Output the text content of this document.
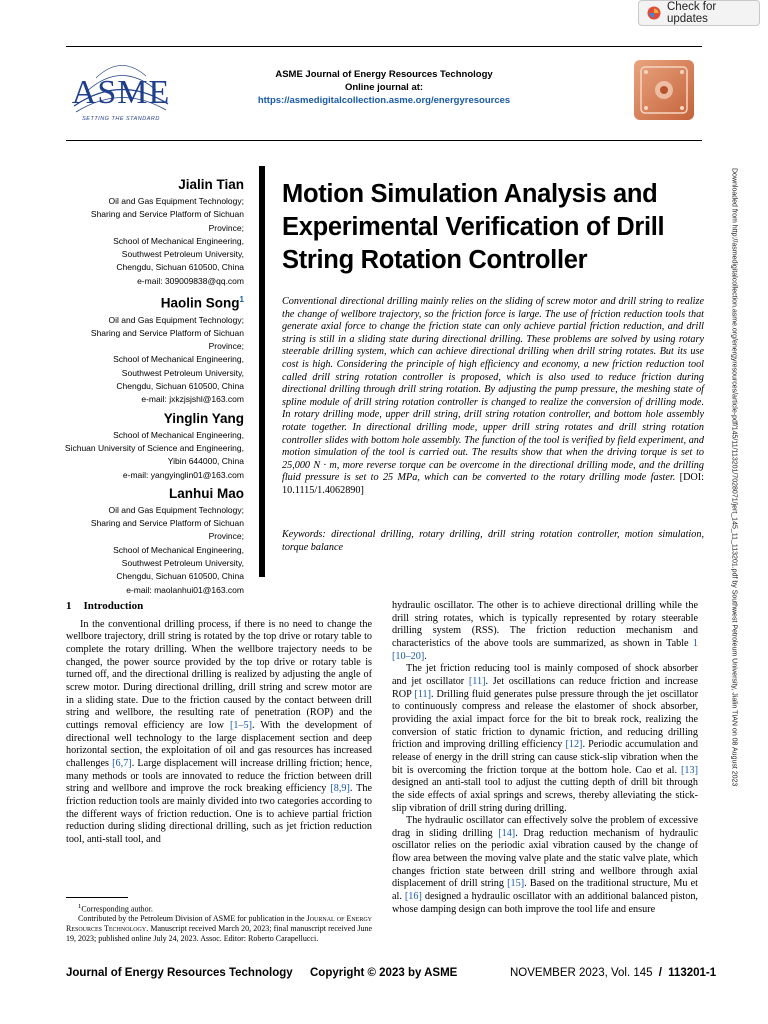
Check for updates
ASME
SETTING THE STANDARD
ASME Journal of Energy Resources Technology
Online journal at:
https://asmedigitalcollection.asme.org/energyresources
Jialin Tian
Oil and Gas Equipment Technology;
Sharing and Service Platform of Sichuan Province;
School of Mechanical Engineering,
Southwest Petroleum University,
Chengdu, Sichuan 610500, China
e-mail: 309009838@qq.com
Haolin Song$^1$
Oil and Gas Equipment Technology;
Sharing and Service Platform of Sichuan Province;
School of Mechanical Engineering,
Southwest Petroleum University,
Chengdu, Sichuan 610500, China
e-mail: jxkzjsjshl@163.com
Yinglin Yang
School of Mechanical Engineering,
Sichuan University of Science and Engineering,
Yibin 644000, China
e-mail: yangyinglin01@163.com
Lanhui Mao
Oil and Gas Equipment Technology;
Sharing and Service Platform of Sichuan Province;
School of Mechanical Engineering,
Southwest Petroleum University,
Chengdu, Sichuan 610500, China
e-mail: maolanhui01@163.com
Motion Simulation Analysis and Experimental Verification of Drill String Rotation Controller
Conventional directional drilling mainly relies on the sliding of screw motor and drill string to realize the change of wellbore trajectory, so the friction force is large. The use of friction reduction tools that generate axial force to change the friction state can only achieve partial friction reduction, and drill string is still in a sliding state during directional drilling. These problems are solved by using rotary steerable drilling system, which can achieve directional drilling when drill string rotates. But its use cost is high. Considering the principle of high efficiency and economy, a new friction reduction tool called drill string rotation controller is proposed, which is also used to reduce friction during directional drilling through drill string rotation. By adjusting the pump pressure, the meshing state of spline module of drill string rotation controller is changed to realize the conversion of drilling mode. In rotary drilling mode, upper drill string, drill string rotation controller, and bottom hole assembly rotate together. In directional drilling mode, upper drill string rotates and drill string rotation controller slides with bottom hole assembly. The function of the tool is verified by field experiment, and motion simulation of the tool is carried out. The results show that when the driving torque is set to 25,000 N · m, more reverse torque can be overcome in the directional drilling mode, and the drilling fluid pressure is set to 25 MPa, which can be converted to the rotary drilling mode faster. [DOI: 10.1115/1.4062890]
Keywords: directional drilling, rotary drilling, drill string rotation controller, motion simulation, torque balance
1 Introduction

In the conventional drilling process, if there is no need to change the wellbore trajectory, drill string is rotated by the top drive or rotary table to complete the rotary drilling. When the wellbore trajectory needs to be changed, the power source provided by the top drive or rotary table is turned off, and the directional drilling is realized by adjusting the angle of screw motor. During directional drilling, drill string and screw motor are in a sliding state. Due to the friction caused by the contact between drill string and wellbore, the resulting rate of penetration (ROP) and the cuttings removal efficiency are low [1–5]. With the development of directional well technology to the large displacement section and deep horizontal section, the exploitation of oil and gas resources has increased challenges [6,7]. Large displacement will increase drilling friction; hence, many methods or tools are innovated to reduce the friction between drill string and wellbore and improve the rock breaking efficiency [8,9]. The friction reduction tools are mainly divided into two categories according to the different ways of friction reduction. One is to achieve partial friction reduction during sliding directional drilling, such as jet friction reduction tool, anti-stall tool, and

hydraulic oscillator. The other is to achieve directional drilling while the drill string rotates, which is typically represented by rotary steerable drilling system (RSS). The friction reduction mechanism and characteristics of the above tools are summarized, as shown in Table 1 [10–20].

The jet friction reducing tool is mainly composed of shock absorber and jet oscillator [11]. Jet oscillations can reduce friction and increase ROP [11]. Drilling fluid generates pulse pressure through the jet oscillator to continuously compress and release the elastomer of shock absorber, providing the axial impact force for the bit to break rock, realizing the conversion of static friction to dynamic friction, and reducing drilling friction and improving drilling efficiency [12]. Periodic accumulation and release of energy in the drill string can cause stick-slip vibration when the bit is overcoming the friction torque at the bottom hole. Cao et al. [13] designed an anti-stall tool to adjust the cutting depth of drill bit through the side effects of axial springs and screws, thereby alleviating the stick-slip vibration of drill string during drilling.

The hydraulic oscillator can effectively solve the problem of excessive drag in sliding drilling [14]. Drag reduction mechanism of hydraulic oscillator relies on the periodic axial vibration caused by the change of flow area between the moving valve plate and the static valve plate, which changes friction state between drill string and wellbore through axial displacement of drill string [15]. Based on the traditional structure, Mu et al. [16] designed a hydraulic oscillator with an additional balanced piston, whose damping design can both improve the tool life and ensure

$^1$Corresponding author.

Contributed by the Petroleum Division of ASME for publication in the Journal of Energy Resources Technology. Manuscript received March 20, 2023; final manuscript received June 19, 2023; published online July 24, 2023. Assoc. Editor: Roberto Carapellucci.

Journal of Energy Resources Technology Copyright © 2023 by ASME	NOVEMBER 2023, Vol. 145 / 113201-1
Downloaded from http://asmedigitalcollection.asme.org/energyresources/article-pdf/145/11/113201/7028071/jert_145_11_113201.pdf by Southwest Petroleum University, Jialin TIAN on 08 August 2023
